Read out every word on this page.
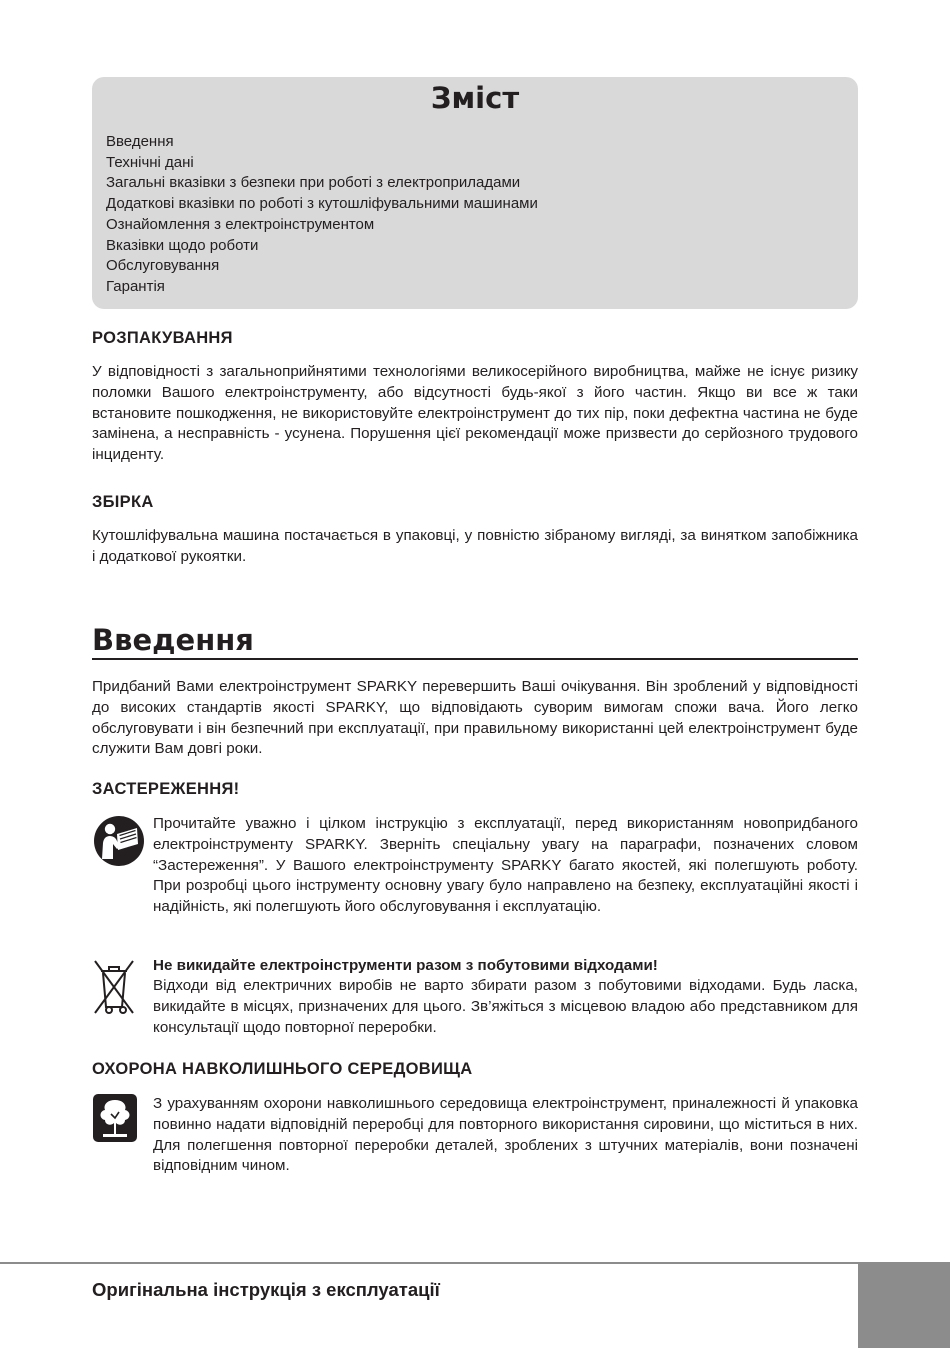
Зміст
Введення
Технічні дані
Загальні вказівки з безпеки при роботі з електроприладами
Додаткові вказівки по роботі з кутошліфувальними машинами
Ознайомлення з електроінструментом
Вказівки щодо роботи
Обслуговування
Гарантія
РОЗПАКУВАННЯ

У відповідності з загальноприйнятими технологіями великосерійного виробництва, майже не існує ризику поломки Вашого електроінструменту, або відсутності будь-якої з його частин. Якщо ви все ж таки встановите пошкодження, не використовуйте електроінструмент до тих пір, поки дефектна частина не буде замінена, а несправність - усунена. Порушення цієї рекомендації може призвести до серйозного трудового інциденту.

ЗБІРКА

Кутошліфувальна машина постачається в упаковці, у повністю зібраному вигляді, за винятком запобіжника і додаткової рукоятки.

Введення

Придбаний Вами електроінструмент SPARKY перевершить Ваші очікування. Він зроблений у відповідності до високих стандартів якості SPARKY, що відповідають суворим вимогам спожи вача. Його легко обслуговувати і він безпечний при експлуатації, при правильному використанні цей електроінструмент буде служити Вам довгі роки.

ЗАСТЕРЕЖЕННЯ!

Прочитайте уважно і цілком інструкцію з експлуатації, перед використанням новопридбаного електроінструменту SPARKY. Зверніть спеціальну увагу на параграфи, позначених словом “Застереження”. У Вашого електроінструменту SPARKY багато якостей, які полегшують роботу. При розробці цього інструменту основну увагу було направлено на безпеку, експлуатаційні якості і надійність, які полегшують його обслуговування і експлуатацію.

Не викидайте електроінструменти разом з побутовими відходами!

Відходи від електричних виробів не варто збирати разом з побутовими відходами. Будь ласка, викидайте в місцях, призначених для цього. Зв’яжіться з місцевою владою або представником для консультації щодо повторної переробки.

ОХОРОНА НАВКОЛИШНЬОГО СЕРЕДОВИЩА

З урахуванням охорони навколишнього середовища електроінструмент, приналежності й упаковка повинно надати відповідній переробці для повторного використання сировини, що міститься в них. Для полегшення повторної переробки деталей, зроблених з штучних матеріалів, вони позначені відповідним чином.

Оригінальна інструкція з експлуатації
